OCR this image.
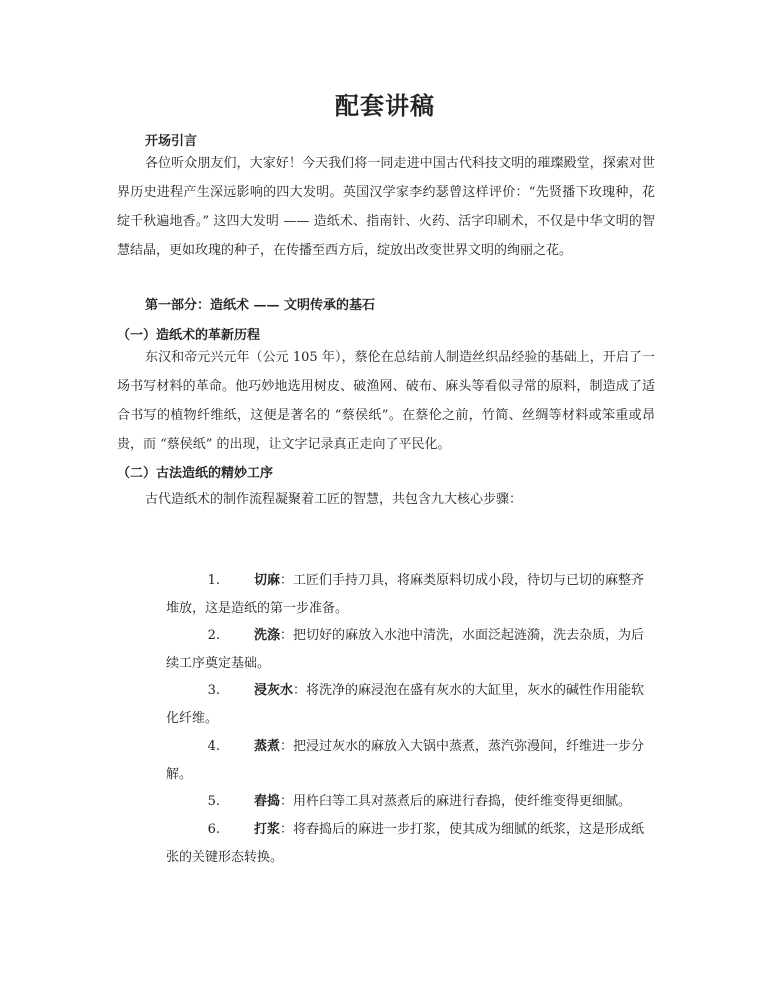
配套讲稿

开场引言

各位听众朋友们，大家好！今天我们将一同走进中国古代科技文明的璀璨殿堂，探索对世界历史进程产生深远影响的四大发明。英国汉学家李约瑟曾这样评价：“先贤播下玫瑰种，花绽千秋遍地香。” 这四大发明 —— 造纸术、指南针、火药、活字印刷术，不仅是中华文明的智慧结晶，更如玫瑰的种子，在传播至西方后，绽放出改变世界文明的绚丽之花。

第一部分：造纸术 —— 文明传承的基石

（一）造纸术的革新历程

东汉和帝元兴元年（公元 105 年），蔡伦在总结前人制造丝织品经验的基础上，开启了一场书写材料的革命。他巧妙地选用树皮、破渔网、破布、麻头等看似寻常的原料，制造成了适合书写的植物纤维纸，这便是著名的 “蔡侯纸”。在蔡伦之前，竹简、丝绸等材料或笨重或昂贵，而 “蔡侯纸” 的出现，让文字记录真正走向了平民化。

（二）古法造纸的精妙工序

古代造纸术的制作流程凝聚着工匠的智慧，共包含九大核心步骤：

1.	切麻：工匠们手持刀具，将麻类原料切成小段，待切与已切的麻整齐堆放，这是造纸的第一步准备。
2.	洗涤：把切好的麻放入水池中清洗，水面泛起涟漪，洗去杂质，为后续工序奠定基础。
3.	浸灰水：将洗净的麻浸泡在盛有灰水的大缸里，灰水的碱性作用能软化纤维。
4.	蒸煮：把浸过灰水的麻放入大锅中蒸煮，蒸汽弥漫间，纤维进一步分解。
5.	舂捣：用杵臼等工具对蒸煮后的麻进行舂捣，使纤维变得更细腻。
6.	打浆：将舂捣后的麻进一步打浆，使其成为细腻的纸浆，这是形成纸张的关键形态转换。
